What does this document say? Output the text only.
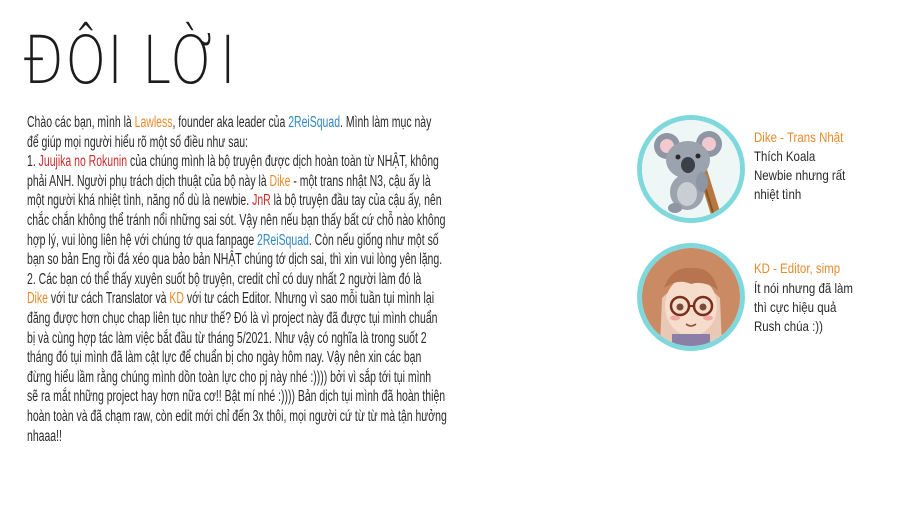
ĐÔI LỜI
Chào các bạn, mình là Lawless, founder aka leader của 2ReiSquad. Mình làm mục này
để giúp mọi người hiểu rõ một số điều như sau:
1. Juujika no Rokunin của chúng mình là bộ truyện được dịch hoàn toàn từ NHẬT, không
phải ANH. Người phụ trách dịch thuật của bộ này là Dike - một trans nhật N3, cậu ấy là
một người khá nhiệt tình, năng nổ dù là newbie. JnR là bộ truyện đầu tay của cậu ấy, nên
chắc chắn không thể tránh nổi những sai sót. Vậy nên nếu bạn thấy bất cứ chỗ nào không
hợp lý, vui lòng liên hệ với chúng tớ qua fanpage 2ReiSquad. Còn nếu giống như một số
bạn so bản Eng rồi đá xéo qua bảo bản NHẬT chúng tớ dịch sai, thì xin vui lòng yên lặng.
2. Các bạn có thể thấy xuyên suốt bộ truyện, credit chỉ có duy nhất 2 người làm đó là
Dike với tư cách Translator và KD với tư cách Editor. Nhưng vì sao mỗi tuần tụi mình lại
đăng được hơn chục chap liên tục như thế? Đó là vì project này đã được tụi mình chuẩn
bị và cùng hợp tác làm việc bắt đầu từ tháng 5/2021. Như vậy có nghĩa là trong suốt 2
tháng đó tụi mình đã làm cật lực để chuẩn bị cho ngày hôm nay. Vậy nên xin các bạn
đừng hiểu lầm rằng chúng mình dồn toàn lực cho pj này nhé :)))) bởi vì sắp tới tụi mình
sẽ ra mắt những project hay hơn nữa cơ!! Bật mí nhé :)))) Bản dịch tụi mình đã hoàn thiện
hoàn toàn và đã chạm raw, còn edit mới chỉ đến 3x thôi, mọi người cứ từ từ mà tận hưởng
nhaaa!!
Dike - Trans Nhật
Thích Koala
Newbie nhưng rất
nhiệt tình
KD - Editor, simp
Ít nói nhưng đã làm
thì cực hiệu quả
Rush chúa :))
